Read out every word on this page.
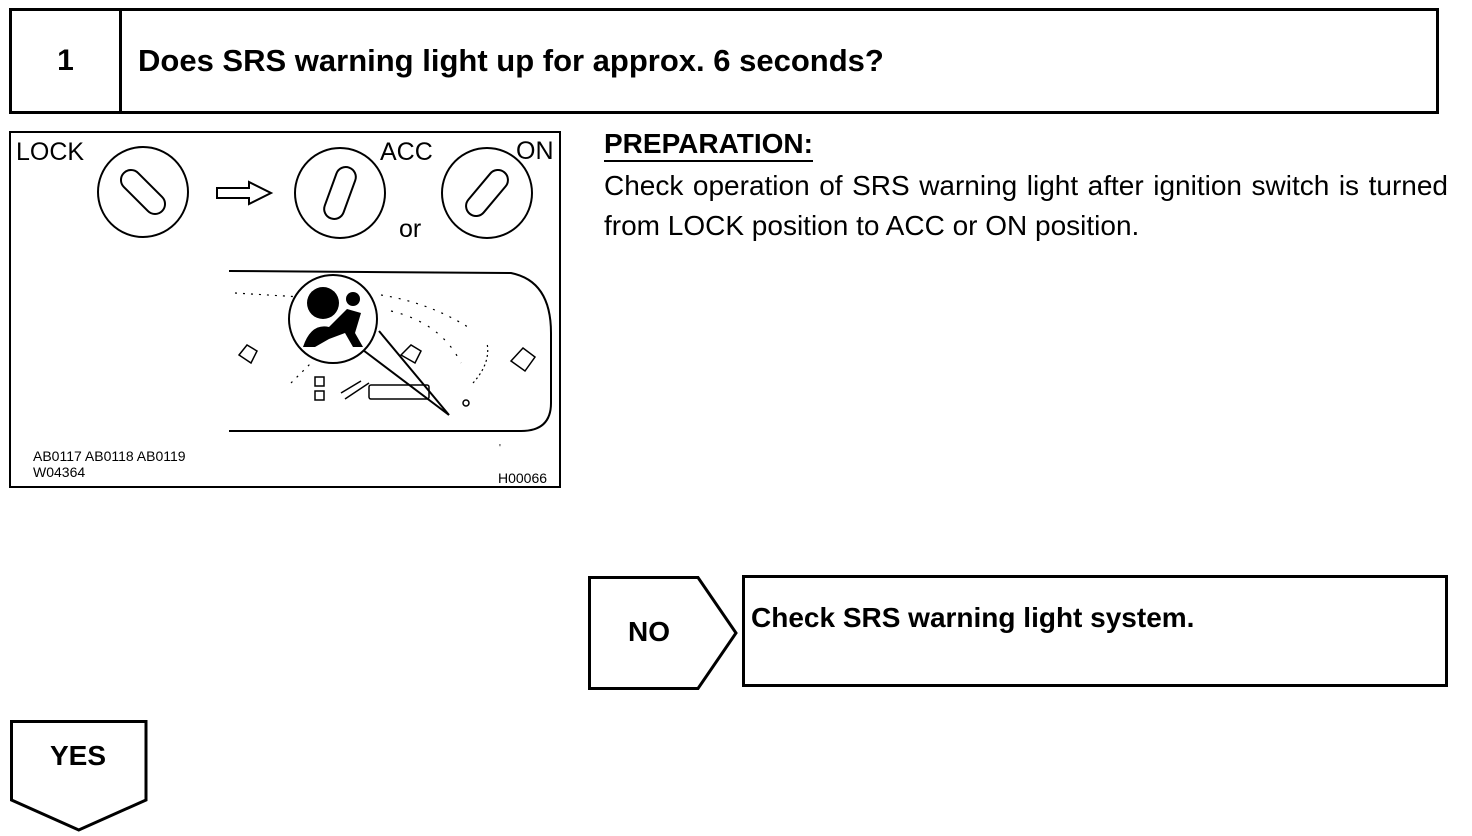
1	Does SRS warning light up for approx. 6 seconds?
'
LOCK	ACC	ON
or
AB0117 AB0118 AB0119
W04364	H00066
PREPARATION:
Check operation of SRS warning light after ignition switch is turned from LOCK position to ACC or ON position.
NO	Check SRS warning light system.
YES
